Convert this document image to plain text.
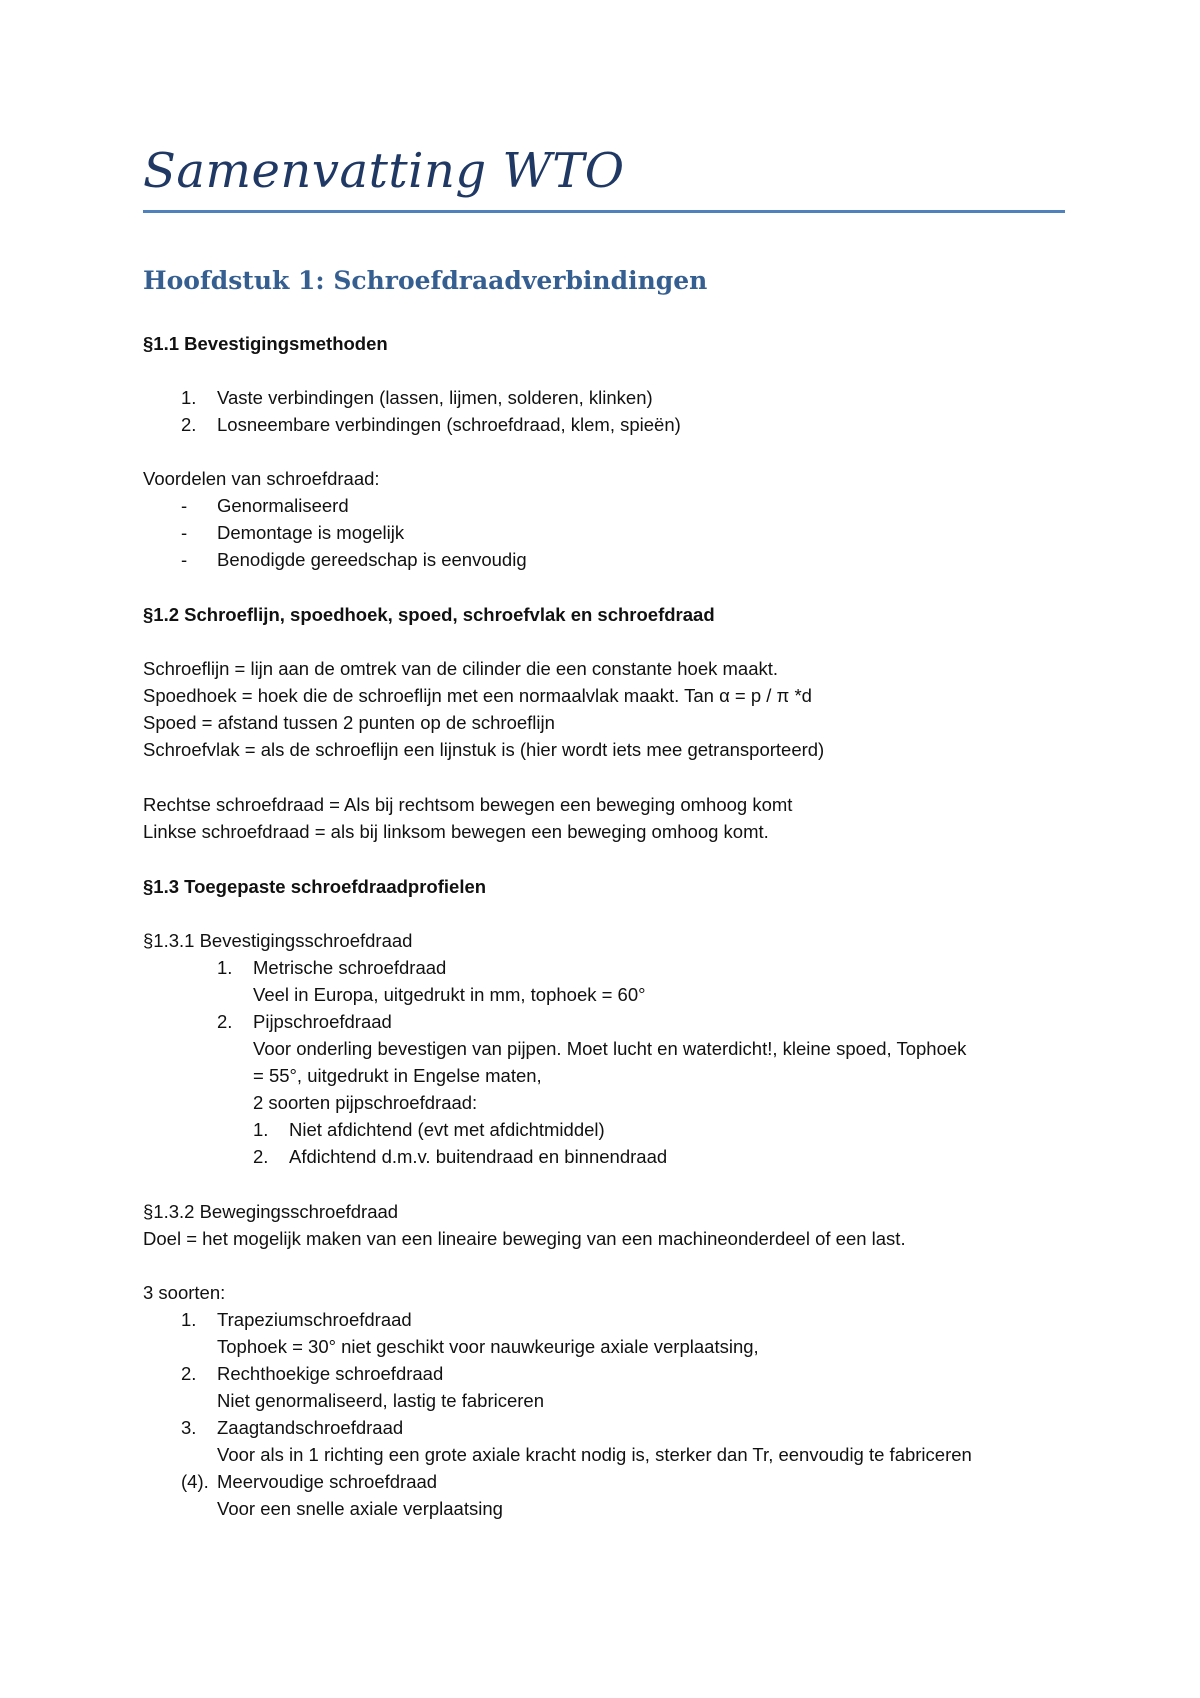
Samenvatting WTO
Hoofdstuk 1: Schroefdraadverbindingen
§1.1 Bevestigingsmethoden
1. Vaste verbindingen (lassen, lijmen, solderen, klinken)
2. Losneembare verbindingen (schroefdraad, klem, spieën)
Voordelen van schroefdraad:
- Genormaliseerd
- Demontage is mogelijk
- Benodigde gereedschap is eenvoudig
§1.2 Schroeflijn, spoedhoek, spoed, schroefvlak en schroefdraad
Schroeflijn = lijn aan de omtrek van de cilinder die een constante hoek maakt.
Spoedhoek = hoek die de schroeflijn met een normaalvlak maakt. Tan α = p / π *d
Spoed = afstand tussen 2 punten op de schroeflijn
Schroefvlak = als de schroeflijn een lijnstuk is (hier wordt iets mee getransporteerd)
Rechtse schroefdraad = Als bij rechtsom bewegen een beweging omhoog komt
Linkse schroefdraad = als bij linksom bewegen een beweging omhoog komt.
§1.3 Toegepaste schroefdraadprofielen
§1.3.1 Bevestigingsschroefdraad
1. Metrische schroefdraad
Veel in Europa, uitgedrukt in mm, tophoek = 60°
2. Pijpschroefdraad
Voor onderling bevestigen van pijpen. Moet lucht en waterdicht!, kleine spoed, Tophoek
= 55°, uitgedrukt in Engelse maten,
2 soorten pijpschroefdraad:
1. Niet afdichtend (evt met afdichtmiddel)
2. Afdichtend d.m.v. buitendraad en binnendraad
§1.3.2 Bewegingsschroefdraad
Doel = het mogelijk maken van een lineaire beweging van een machineonderdeel of een last.
3 soorten:
1. Trapeziumschroefdraad
Tophoek = 30° niet geschikt voor nauwkeurige axiale verplaatsing,
2. Rechthoekige schroefdraad
Niet genormaliseerd, lastig te fabriceren
3. Zaagtandschroefdraad
Voor als in 1 richting een grote axiale kracht nodig is, sterker dan Tr, eenvoudig te fabriceren
(4). Meervoudige schroefdraad
Voor een snelle axiale verplaatsing
